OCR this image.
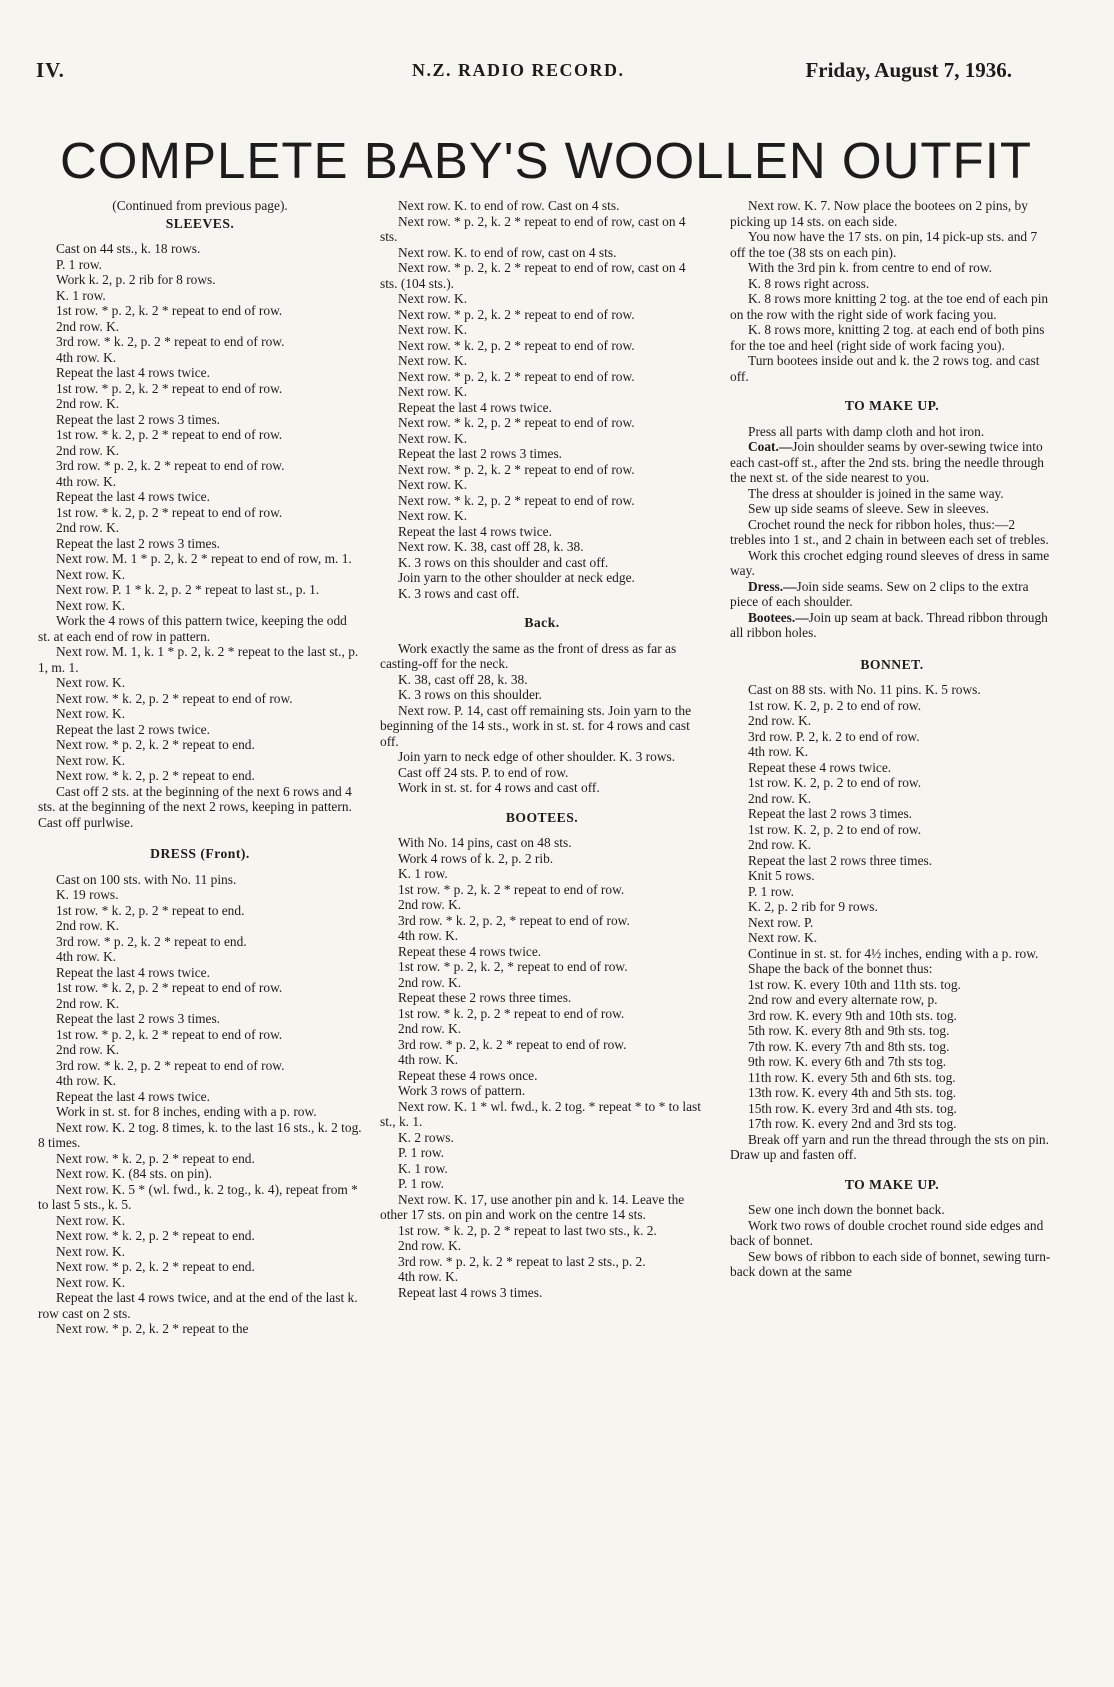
IV.	N.Z. RADIO RECORD.	Friday, August 7, 1936.
COMPLETE BABY'S WOOLLEN OUTFIT

(Continued from previous page).

SLEEVES.

Cast on 44 sts., k. 18 rows.

P. 1 row.

Work k. 2, p. 2 rib for 8 rows.

K. 1 row.

1st row. * p. 2, k. 2 * repeat to end of row.

2nd row. K.

3rd row. * k. 2, p. 2 * repeat to end of row.

4th row. K.

Repeat the last 4 rows twice.

1st row. * p. 2, k. 2 * repeat to end of row.

2nd row. K.

Repeat the last 2 rows 3 times.

1st row. * k. 2, p. 2 * repeat to end of row.

2nd row. K.

3rd row. * p. 2, k. 2 * repeat to end of row.

4th row. K.

Repeat the last 4 rows twice.

1st row. * k. 2, p. 2 * repeat to end of row.

2nd row. K.

Repeat the last 2 rows 3 times.

Next row. M. 1 * p. 2, k. 2 * repeat to end of row, m. 1.

Next row. K.

Next row. P. 1 * k. 2, p. 2 * repeat to last st., p. 1.

Next row. K.

Work the 4 rows of this pattern twice, keeping the odd st. at each end of row in pattern.

Next row. M. 1, k. 1 * p. 2, k. 2 * repeat to the last st., p. 1, m. 1.

Next row. K.

Next row. * k. 2, p. 2 * repeat to end of row.

Next row. K.

Repeat the last 2 rows twice.

Next row. * p. 2, k. 2 * repeat to end.

Next row. K.

Next row. * k. 2, p. 2 * repeat to end.

Cast off 2 sts. at the beginning of the next 6 rows and 4 sts. at the beginning of the next 2 rows, keeping in pattern. Cast off purlwise.

DRESS (Front).

Cast on 100 sts. with No. 11 pins.

K. 19 rows.

1st row. * k. 2, p. 2 * repeat to end.

2nd row. K.

3rd row. * p. 2, k. 2 * repeat to end.

4th row. K.

Repeat the last 4 rows twice.

1st row. * k. 2, p. 2 * repeat to end of row.

2nd row. K.

Repeat the last 2 rows 3 times.

1st row. * p. 2, k. 2 * repeat to end of row.

2nd row. K.

3rd row. * k. 2, p. 2 * repeat to end of row.

4th row. K.

Repeat the last 4 rows twice.

Work in st. st. for 8 inches, ending with a p. row.

Next row. K. 2 tog. 8 times, k. to the last 16 sts., k. 2 tog. 8 times.

Next row. * k. 2, p. 2 * repeat to end.

Next row. K. (84 sts. on pin).

Next row. K. 5 * (wl. fwd., k. 2 tog., k. 4), repeat from * to last 5 sts., k. 5.

Next row. K.

Next row. * k. 2, p. 2 * repeat to end.

Next row. K.

Next row. * p. 2, k. 2 * repeat to end.

Next row. K.

Repeat the last 4 rows twice, and at the end of the last k. row cast on 2 sts.

Next row. * p. 2, k. 2 * repeat to the

Next row. K. to end of row. Cast on 4 sts.

Next row. * p. 2, k. 2 * repeat to end of row, cast on 4 sts.

Next row. K. to end of row, cast on 4 sts.

Next row. * p. 2, k. 2 * repeat to end of row, cast on 4 sts. (104 sts.).

Next row. K.

Next row. * p. 2, k. 2 * repeat to end of row.

Next row. K.

Next row. * k. 2, p. 2 * repeat to end of row.

Next row. K.

Next row. * p. 2, k. 2 * repeat to end of row.

Next row. K.

Repeat the last 4 rows twice.

Next row. * k. 2, p. 2 * repeat to end of row.

Next row. K.

Repeat the last 2 rows 3 times.

Next row. * p. 2, k. 2 * repeat to end of row.

Next row. K.

Next row. * k. 2, p. 2 * repeat to end of row.

Next row. K.

Repeat the last 4 rows twice.

Next row. K. 38, cast off 28, k. 38.

K. 3 rows on this shoulder and cast off.

Join yarn to the other shoulder at neck edge.

K. 3 rows and cast off.

Back.

Work exactly the same as the front of dress as far as casting-off for the neck.

K. 38, cast off 28, k. 38.

K. 3 rows on this shoulder.

Next row. P. 14, cast off remaining sts. Join yarn to the beginning of the 14 sts., work in st. st. for 4 rows and cast off.

Join yarn to neck edge of other shoulder. K. 3 rows.

Cast off 24 sts. P. to end of row.

Work in st. st. for 4 rows and cast off.

BOOTEES.

With No. 14 pins, cast on 48 sts.

Work 4 rows of k. 2, p. 2 rib.

K. 1 row.

1st row. * p. 2, k. 2 * repeat to end of row.

2nd row. K.

3rd row. * k. 2, p. 2, * repeat to end of row.

4th row. K.

Repeat these 4 rows twice.

1st row. * p. 2, k. 2, * repeat to end of row.

2nd row. K.

Repeat these 2 rows three times.

1st row. * k. 2, p. 2 * repeat to end of row.

2nd row. K.

3rd row. * p. 2, k. 2 * repeat to end of row.

4th row. K.

Repeat these 4 rows once.

Work 3 rows of pattern.

Next row. K. 1 * wl. fwd., k. 2 tog. * repeat * to * to last st., k. 1.

K. 2 rows.

P. 1 row.

K. 1 row.

P. 1 row.

Next row. K. 17, use another pin and k. 14. Leave the other 17 sts. on pin and work on the centre 14 sts.

1st row. * k. 2, p. 2 * repeat to last two sts., k. 2.

2nd row. K.

3rd row. * p. 2, k. 2 * repeat to last 2 sts., p. 2.

4th row. K.

Repeat last 4 rows 3 times.

Next row. K. 7. Now place the bootees on 2 pins, by picking up 14 sts. on each side.

You now have the 17 sts. on pin, 14 pick-up sts. and 7 off the toe (38 sts on each pin).

With the 3rd pin k. from centre to end of row.

K. 8 rows right across.

K. 8 rows more knitting 2 tog. at the toe end of each pin on the row with the right side of work facing you.

K. 8 rows more, knitting 2 tog. at each end of both pins for the toe and heel (right side of work facing you).

Turn bootees inside out and k. the 2 rows tog. and cast off.

TO MAKE UP.

Press all parts with damp cloth and hot iron.

Coat.—Join shoulder seams by over-sewing twice into each cast-off st., after the 2nd sts. bring the needle through the next st. of the side nearest to you.

The dress at shoulder is joined in the same way.

Sew up side seams of sleeve. Sew in sleeves.

Crochet round the neck for ribbon holes, thus:—2 trebles into 1 st., and 2 chain in between each set of trebles.

Work this crochet edging round sleeves of dress in same way.

Dress.—Join side seams. Sew on 2 clips to the extra piece of each shoulder.

Bootees.—Join up seam at back. Thread ribbon through all ribbon holes.

BONNET.

Cast on 88 sts. with No. 11 pins. K. 5 rows.

1st row. K. 2, p. 2 to end of row.

2nd row. K.

3rd row. P. 2, k. 2 to end of row.

4th row. K.

Repeat these 4 rows twice.

1st row. K. 2, p. 2 to end of row.

2nd row. K.

Repeat the last 2 rows 3 times.

1st row. K. 2, p. 2 to end of row.

2nd row. K.

Repeat the last 2 rows three times.

Knit 5 rows.

P. 1 row.

K. 2, p. 2 rib for 9 rows.

Next row. P.

Next row. K.

Continue in st. st. for 4½ inches, ending with a p. row.

Shape the back of the bonnet thus:

1st row. K. every 10th and 11th sts. tog.

2nd row and every alternate row, p.

3rd row. K. every 9th and 10th sts. tog.

5th row. K. every 8th and 9th sts. tog.

7th row. K. every 7th and 8th sts. tog.

9th row. K. every 6th and 7th sts tog.

11th row. K. every 5th and 6th sts. tog.

13th row. K. every 4th and 5th sts. tog.

15th row. K. every 3rd and 4th sts. tog.

17th row. K. every 2nd and 3rd sts tog.

Break off yarn and run the thread through the sts on pin. Draw up and fasten off.

TO MAKE UP.

Sew one inch down the bonnet back.

Work two rows of double crochet round side edges and back of bonnet.

Sew bows of ribbon to each side of bonnet, sewing turn-back down at the same
